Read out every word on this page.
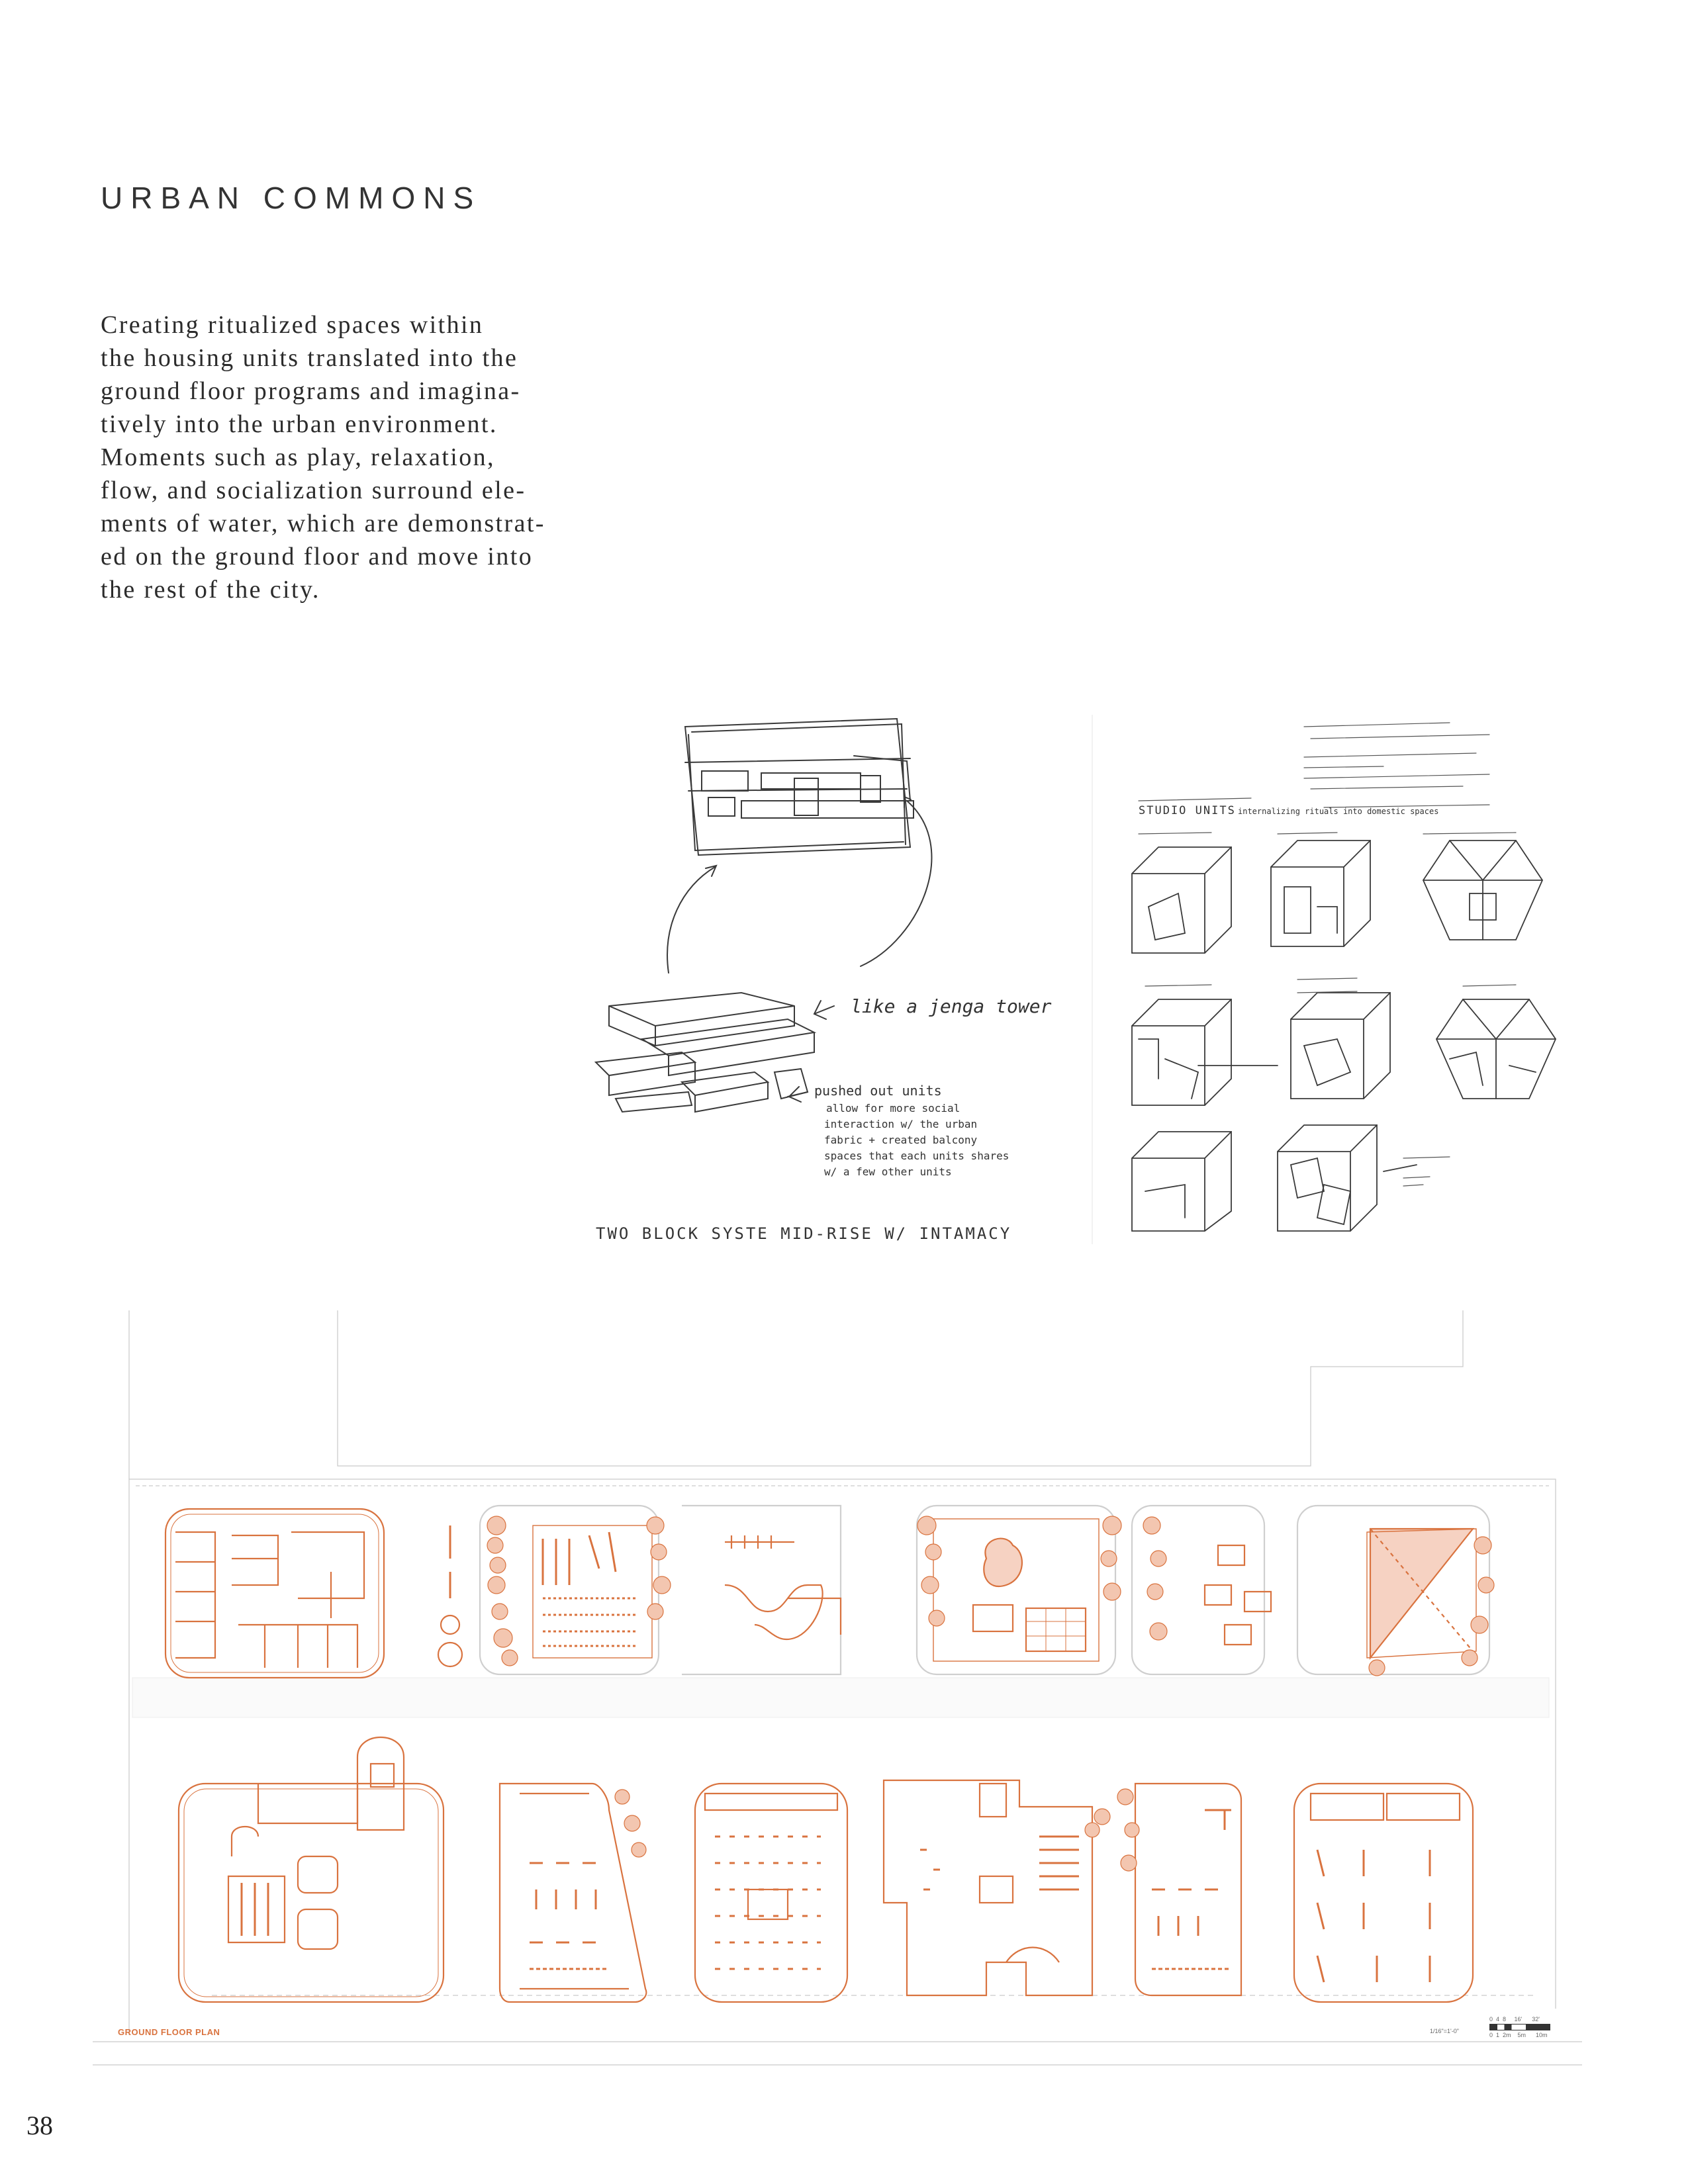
URBAN COMMONS
Creating ritualized spaces within
the housing units translated into the
ground floor programs and imagina-
tively into the urban environment.
Moments such as play, relaxation,
flow, and socialization surround ele-
ments of water, which are demonstrat-
ed on the ground floor and move into
the rest of the city.
like a jenga tower
pushed out units
allow for more social
interaction w/ the urban
fabric + created balcony
spaces that each units shares
w/ a few other units
TWO BLOCK SYSTE MID-RISE W/ INTAMACY
STUDIO UNITS internalizing rituals into domestic spaces
GROUND FLOOR PLAN	1/16"=1'-0"
0  4  8     16'      32'
0  1  2m    5m      10m
38
